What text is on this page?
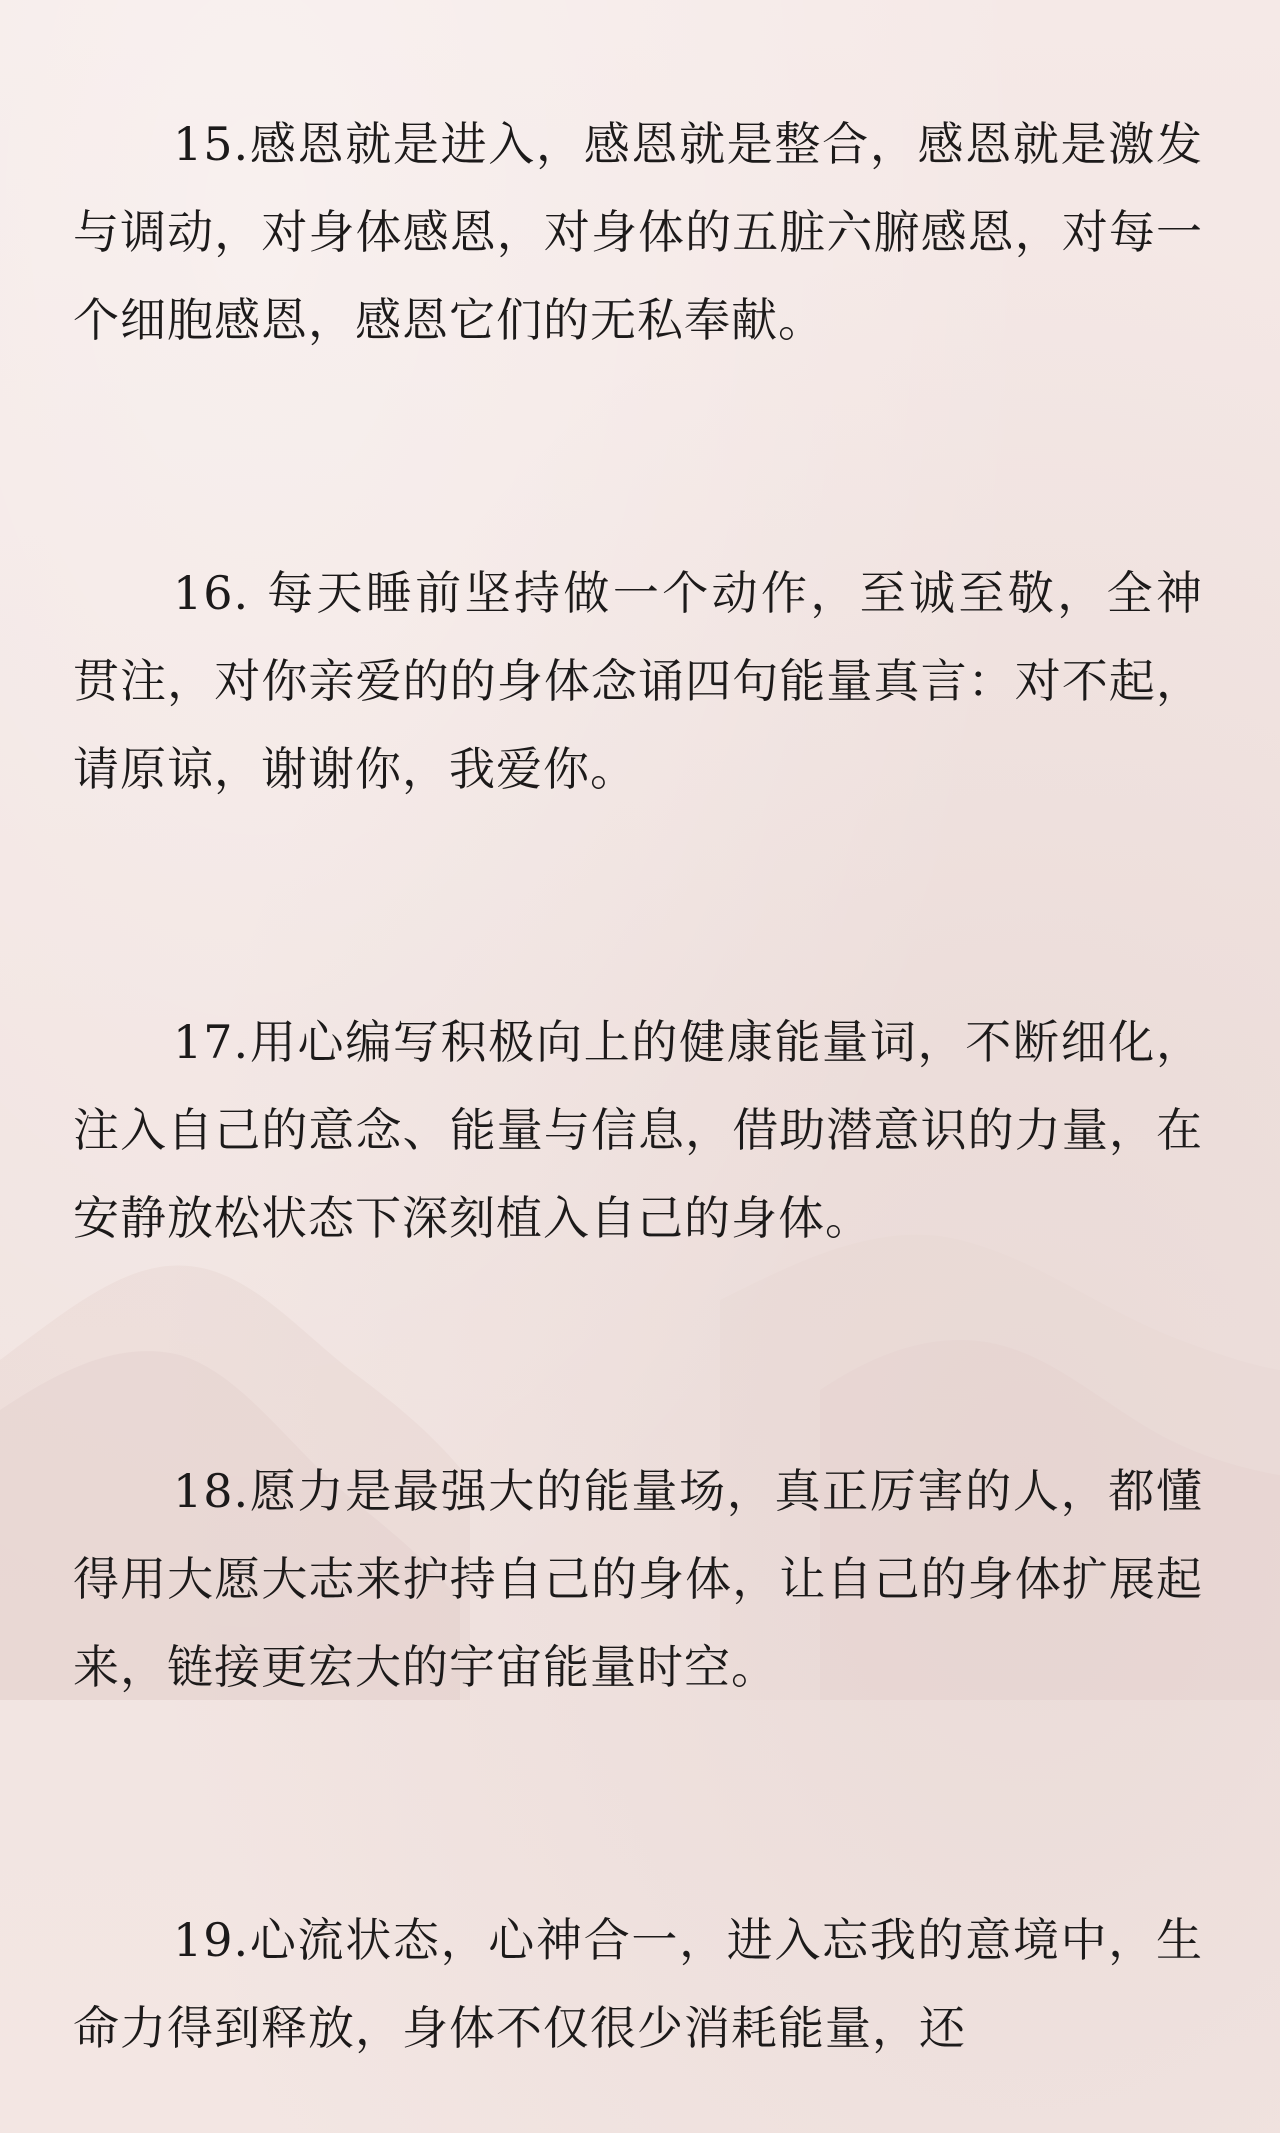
15.感恩就是进入，感恩就是整合，感恩就是激发与调动，对身体感恩，对身体的五脏六腑感恩，对每一个细胞感恩，感恩它们的无私奉献。

16. 每天睡前坚持做一个动作，至诚至敬，全神贯注，对你亲爱的的身体念诵四句能量真言：对不起，请原谅，谢谢你，我爱你。

17.用心编写积极向上的健康能量词，不断细化，注入自己的意念、能量与信息，借助潜意识的力量，在安静放松状态下深刻植入自己的身体。

18.愿力是最强大的能量场，真正厉害的人，都懂得用大愿大志来护持自己的身体，让自己的身体扩展起来，链接更宏大的宇宙能量时空。

19.心流状态，心神合一，进入忘我的意境中，生命力得到释放，身体不仅很少消耗能量，还
